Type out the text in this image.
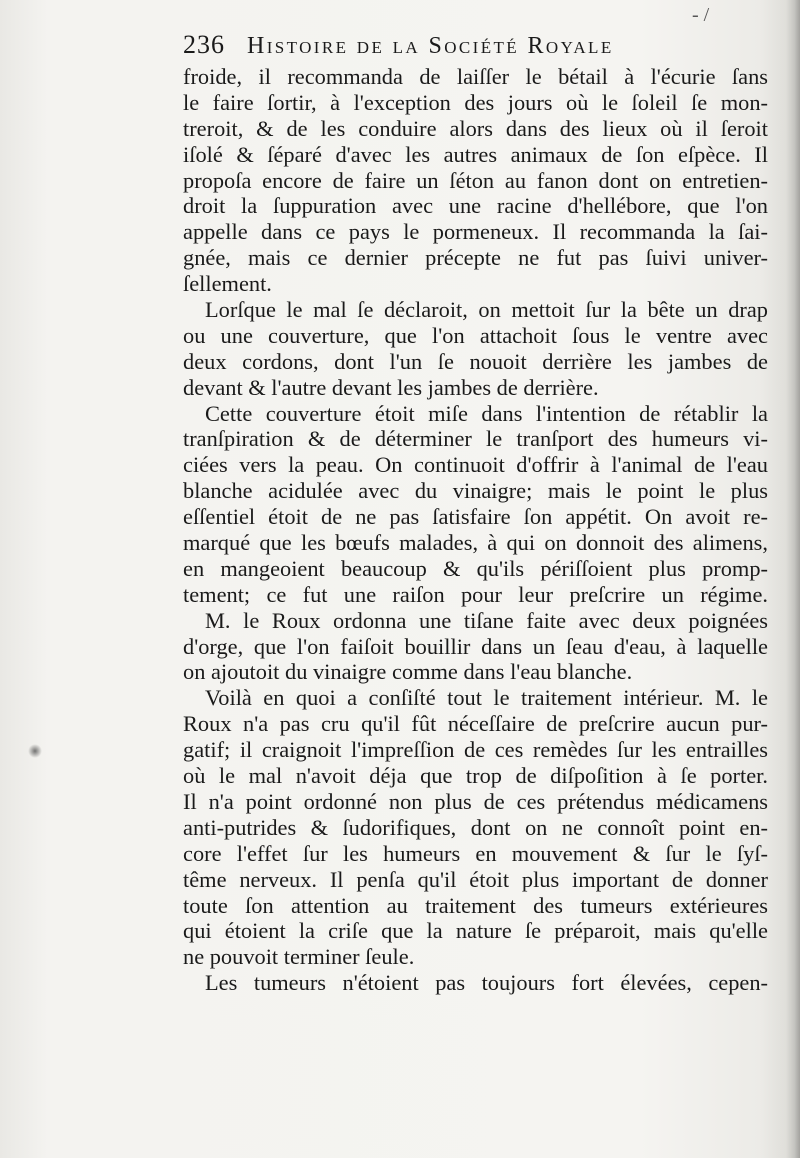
- /
236 Histoire de la Société Royale
froide, il recommanda de laiſſer le bétail à l'écurie ſans
le faire ſortir, à l'exception des jours où le ſoleil ſe mon-
treroit, & de les conduire alors dans des lieux où il ſeroit
iſolé & ſéparé d'avec les autres animaux de ſon eſpèce. Il
propoſa encore de faire un ſéton au fanon dont on entretien-
droit la ſuppuration avec une racine d'hellébore, que l'on
appelle dans ce pays le pormeneux. Il recommanda la ſai-
gnée, mais ce dernier précepte ne fut pas ſuivi univer-
ſellement.
Lorſque le mal ſe déclaroit, on mettoit ſur la bête un drap
ou une couverture, que l'on attachoit ſous le ventre avec
deux cordons, dont l'un ſe nouoit derrière les jambes de
devant & l'autre devant les jambes de derrière.
Cette couverture étoit miſe dans l'intention de rétablir la
tranſpiration & de déterminer le tranſport des humeurs vi-
ciées vers la peau. On continuoit d'offrir à l'animal de l'eau
blanche acidulée avec du vinaigre; mais le point le plus
eſſentiel étoit de ne pas ſatisfaire ſon appétit. On avoit re-
marqué que les bœufs malades, à qui on donnoit des alimens,
en mangeoient beaucoup & qu'ils périſſoient plus promp-
tement; ce fut une raiſon pour leur preſcrire un régime.
M. le Roux ordonna une tiſane faite avec deux poignées
d'orge, que l'on faiſoit bouillir dans un ſeau d'eau, à laquelle
on ajoutoit du vinaigre comme dans l'eau blanche.
Voilà en quoi a conſiſté tout le traitement intérieur. M. le
Roux n'a pas cru qu'il fût néceſſaire de preſcrire aucun pur-
gatif; il craignoit l'impreſſion de ces remèdes ſur les entrailles
où le mal n'avoit déja que trop de diſpoſition à ſe porter.
Il n'a point ordonné non plus de ces prétendus médicamens
anti-putrides & ſudorifiques, dont on ne connoît point en-
core l'effet ſur les humeurs en mouvement & ſur le ſyſ-
tême nerveux. Il penſa qu'il étoit plus important de donner
toute ſon attention au traitement des tumeurs extérieures
qui étoient la criſe que la nature ſe préparoit, mais qu'elle
ne pouvoit terminer ſeule.
Les tumeurs n'étoient pas toujours fort élevées, cepen-
